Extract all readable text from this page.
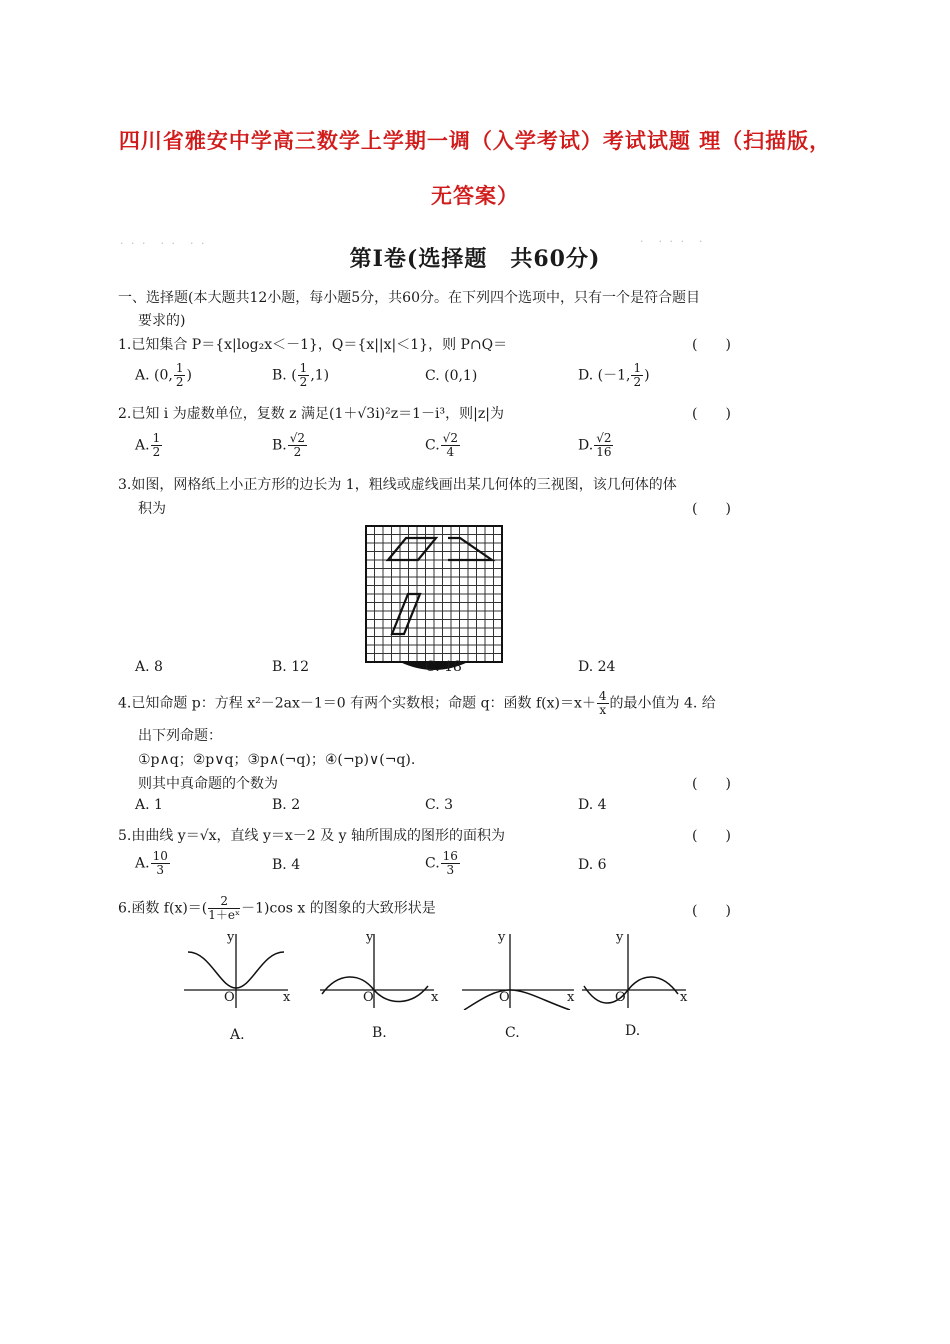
四川省雅安中学高三数学上学期一调（入学考试）考试试题 理（扫描版，
无答案）
· · ·　· ·　· ·	·　· · ·　·
第Ⅰ卷(选择题　共60分)
一、选择题(本大题共12小题，每小题5分，共60分。在下列四个选项中，只有一个是符合题目
要求的)
1.已知集合 P＝{x|log₂x＜－1}，Q＝{x||x|＜1}，则 P∩Q＝	(　　)
A. (0, $\frac{1}{2}$ )	B. ( $\frac{1}{2} ,1$)	C. (0,1)	D. (－1, $\frac{1}{2}$ )
2.已知 i 为虚数单位，复数 z 满足(1＋√3i)²z＝1－i³，则|z|为	(　　)
A. $\frac{1}{2}$	B. $\frac{√2}{2}$	C. $\frac{√2}{4}$	D. $\frac{√2}{16}$
3.如图，网格纸上小正方形的边长为 1，粗线或虚线画出某几何体的三视图，该几何体的体
积为	(　　)
A. 8	B. 12	C. 18	D. 24
4.已知命题 p：方程 x²－2ax－1＝0 有两个实数根；命题 q：函数 $f(x)=x+ \frac{4}{x}$ 的最小值为 4. 给
出下列命题：
①p∧q；②p∨q；③p∧(¬q)；④(¬p)∨(¬q).
则其中真命题的个数为	(　　)
A. 1	B. 2	C. 3	D. 4
5.由曲线 y＝√x，直线 y＝x－2 及 y 轴所围成的图形的面积为	(　　)
A. $\frac{10}{3}$	B. 4	C. $\frac{16}{3}$	D. 6
6.函数 $f(x)=( \frac{2}{\text{1＋eˣ}} -1)\cos$ x 的图象的大致形状是	(　　)
y
x
O
y
x
O
y
x
O
y
x
O
A.	B.	C.	D.
